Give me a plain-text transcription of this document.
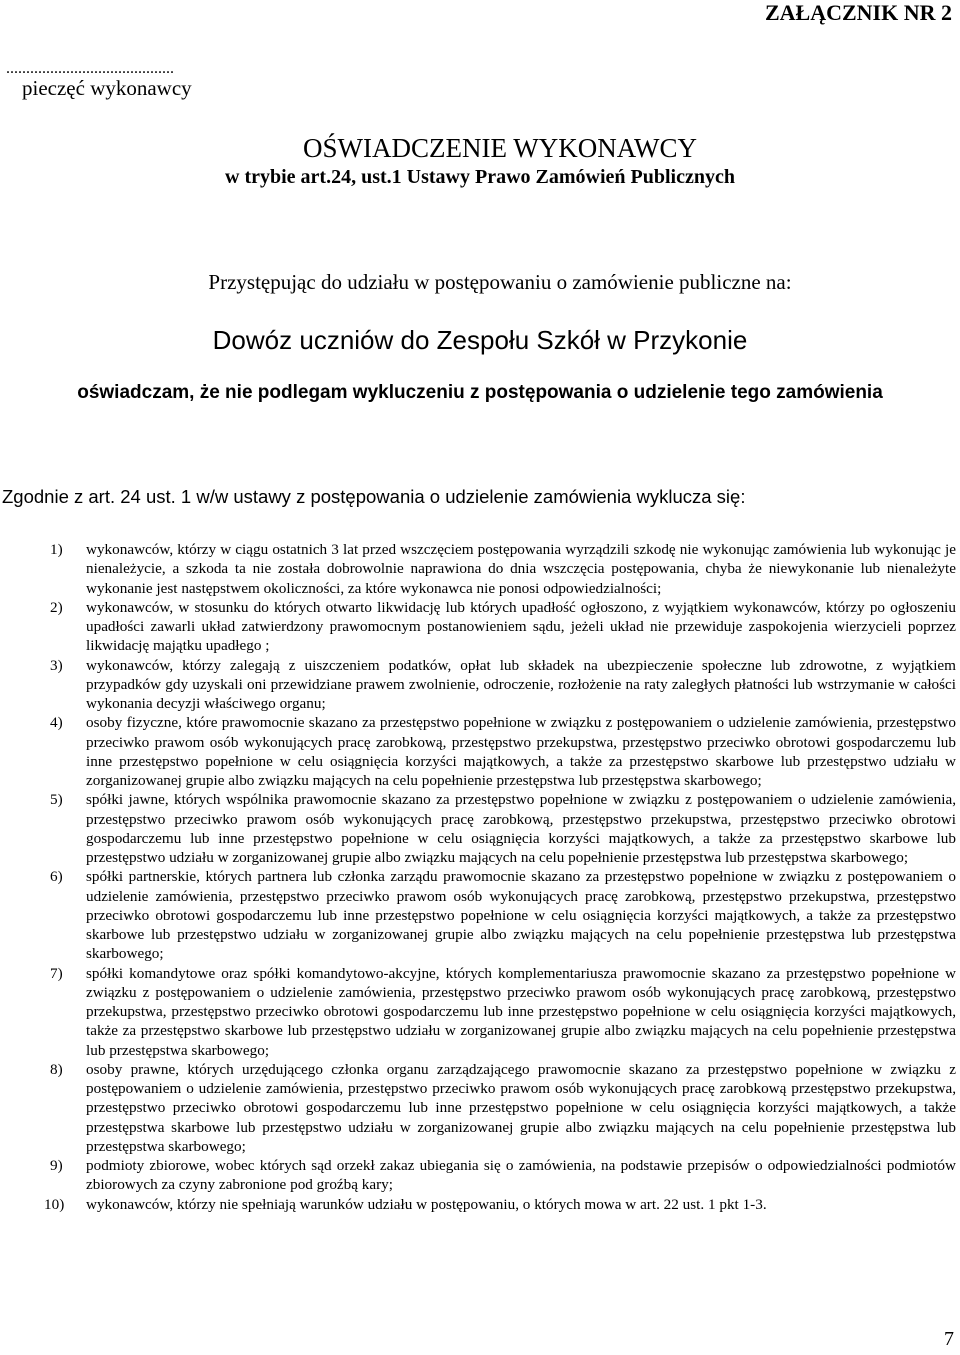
ZAŁĄCZNIK NR 2
..........................................
pieczęć wykonawcy
OŚWIADCZENIE WYKONAWCY
w trybie art.24, ust.1 Ustawy Prawo Zamówień Publicznych
Przystępując do udziału w postępowaniu o zamówienie publiczne na:
Dowóz uczniów do Zespołu Szkół w Przykonie
oświadczam, że nie podlegam wykluczeniu z postępowania o udzielenie tego zamówienia
Zgodnie z art. 24 ust. 1 w/w ustawy z postępowania o udzielenie zamówienia wyklucza się:
1) wykonawców, którzy w ciągu ostatnich 3 lat przed wszczęciem postępowania wyrządzili szkodę nie wykonując zamówienia lub wykonując je nienależycie, a szkoda ta nie została dobrowolnie naprawiona do dnia wszczęcia postępowania, chyba że niewykonanie lub nienależyte wykonanie jest następstwem okoliczności, za które wykonawca nie ponosi odpowiedzialności;
2) wykonawców, w stosunku do których otwarto likwidację lub których upadłość ogłoszono, z wyjątkiem wykonawców, którzy po ogłoszeniu upadłości zawarli układ zatwierdzony prawomocnym postanowieniem sądu, jeżeli układ nie przewiduje zaspokojenia wierzycieli poprzez likwidację majątku upadłego ;
3) wykonawców, którzy zalegają z uiszczeniem podatków, opłat lub składek na ubezpieczenie społeczne lub zdrowotne, z wyjątkiem przypadków gdy uzyskali oni przewidziane prawem zwolnienie, odroczenie, rozłożenie na raty zaległych płatności lub wstrzymanie w całości wykonania decyzji właściwego organu;
4) osoby fizyczne, które prawomocnie skazano za przestępstwo popełnione w związku z postępowaniem o udzielenie zamówienia, przestępstwo przeciwko prawom osób wykonujących pracę zarobkową, przestępstwo przekupstwa, przestępstwo przeciwko obrotowi gospodarczemu lub inne przestępstwo popełnione w celu osiągnięcia korzyści majątkowych, a także za przestępstwo skarbowe lub przestępstwo udziału w zorganizowanej grupie albo związku mających na celu popełnienie przestępstwa lub przestępstwa skarbowego;
5) spółki jawne, których wspólnika prawomocnie skazano za przestępstwo popełnione w związku z postępowaniem o udzielenie zamówienia, przestępstwo przeciwko prawom osób wykonujących pracę zarobkową, przestępstwo przekupstwa, przestępstwo przeciwko obrotowi gospodarczemu lub inne przestępstwo popełnione w celu osiągnięcia korzyści majątkowych, a także za przestępstwo skarbowe lub przestępstwo udziału w zorganizowanej grupie albo związku mających na celu popełnienie przestępstwa lub przestępstwa skarbowego;
6) spółki partnerskie, których partnera lub członka zarządu prawomocnie skazano za przestępstwo popełnione w związku z postępowaniem o udzielenie zamówienia, przestępstwo przeciwko prawom osób wykonujących pracę zarobkową, przestępstwo przekupstwa, przestępstwo przeciwko obrotowi gospodarczemu lub inne przestępstwo popełnione w celu osiągnięcia korzyści majątkowych, a także za przestępstwo skarbowe lub przestępstwo udziału w zorganizowanej grupie albo związku mających na celu popełnienie przestępstwa lub przestępstwa skarbowego;
7) spółki komandytowe oraz spółki komandytowo-akcyjne, których komplementariusza prawomocnie skazano za przestępstwo popełnione w związku z postępowaniem o udzielenie zamówienia, przestępstwo przeciwko prawom osób wykonujących pracę zarobkową, przestępstwo przekupstwa, przestępstwo przeciwko obrotowi gospodarczemu lub inne przestępstwo popełnione w celu osiągnięcia korzyści majątkowych, także za przestępstwo skarbowe lub przestępstwo udziału w zorganizowanej grupie albo związku mających na celu popełnienie przestępstwa lub przestępstwa skarbowego;
8) osoby prawne, których urzędującego członka organu zarządzającego prawomocnie skazano za przestępstwo popełnione w związku z postępowaniem o udzielenie zamówienia, przestępstwo przeciwko prawom osób wykonujących pracę zarobkową przestępstwo przekupstwa, przestępstwo przeciwko obrotowi gospodarczemu lub inne przestępstwo popełnione w celu osiągnięcia korzyści majątkowych, a także przestępstwa skarbowe lub przestępstwo udziału w zorganizowanej grupie albo związku mających na celu popełnienie przestępstwa lub przestępstwa skarbowego;
9) podmioty zbiorowe, wobec których sąd orzekł zakaz ubiegania się o zamówienia, na podstawie przepisów o odpowiedzialności podmiotów zbiorowych za czyny zabronione pod groźbą kary;
10) wykonawców, którzy nie spełniają warunków udziału w postępowaniu, o których mowa w art. 22 ust. 1 pkt 1-3.
7
